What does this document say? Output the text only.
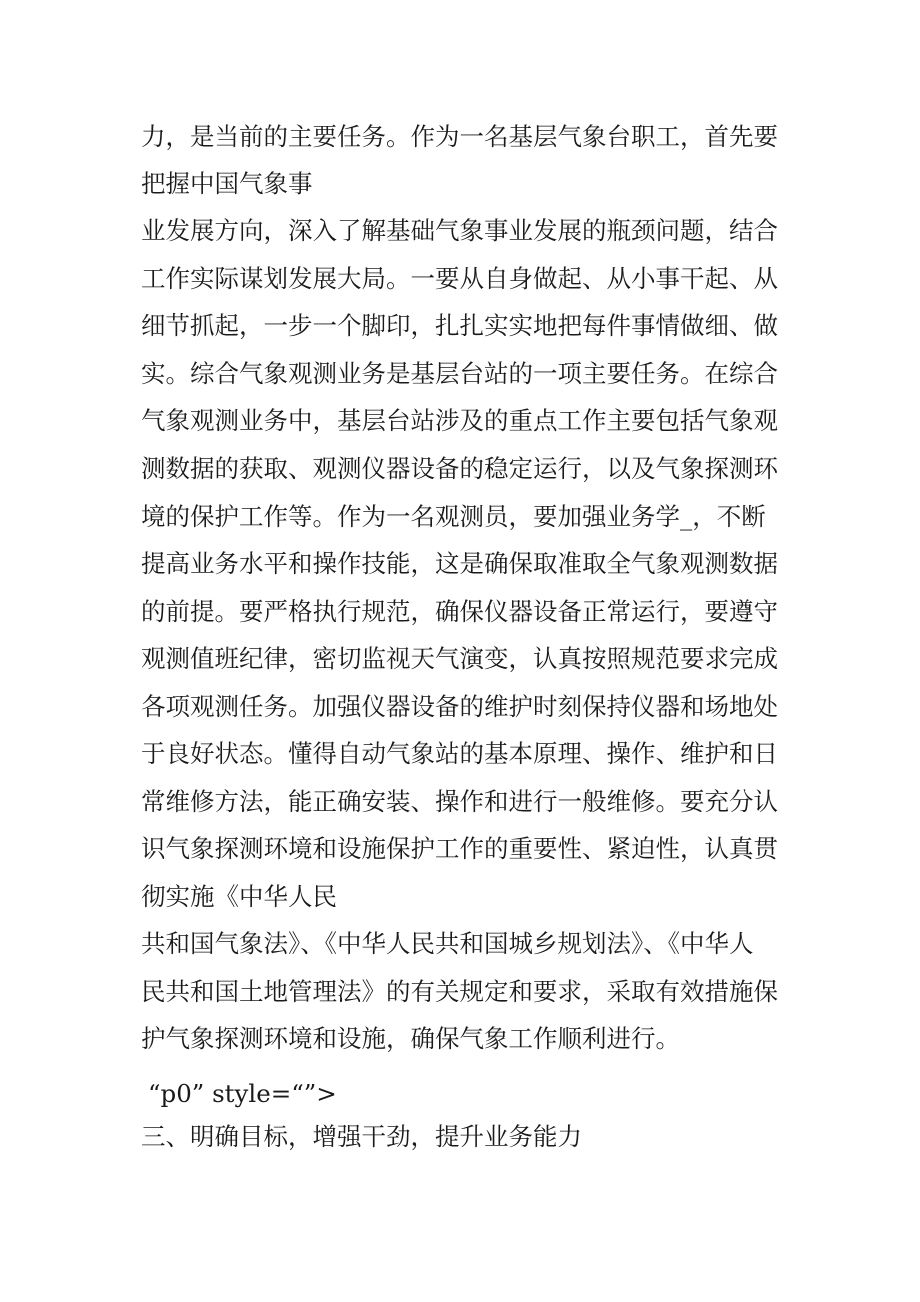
力，是当前的主要任务。作为一名基层气象台职工，首先要
把握中国气象事
业发展方向，深入了解基础气象事业发展的瓶颈问题，结合
工作实际谋划发展大局。一要从自身做起、从小事干起、从
细节抓起，一步一个脚印，扎扎实实地把每件事情做细、做
实。综合气象观测业务是基层台站的一项主要任务。在综合
气象观测业务中，基层台站涉及的重点工作主要包括气象观
测数据的获取、观测仪器设备的稳定运行，以及气象探测环
境的保护工作等。作为一名观测员，要加强业务学_，不断
提高业务水平和操作技能，这是确保取准取全气象观测数据
的前提。要严格执行规范，确保仪器设备正常运行，要遵守
观测值班纪律，密切监视天气演变，认真按照规范要求完成
各项观测任务。加强仪器设备的维护时刻保持仪器和场地处
于良好状态。懂得自动气象站的基本原理、操作、维护和日
常维修方法，能正确安装、操作和进行一般维修。要充分认
识气象探测环境和设施保护工作的重要性、紧迫性，认真贯
彻实施《中华人民
共和国气象法》、《中华人民共和国城乡规划法》、《中华人
民共和国土地管理法》的有关规定和要求，采取有效措施保
护气象探测环境和设施，确保气象工作顺利进行。
“p0” style=“”>
三、明确目标，增强干劲，提升业务能力
